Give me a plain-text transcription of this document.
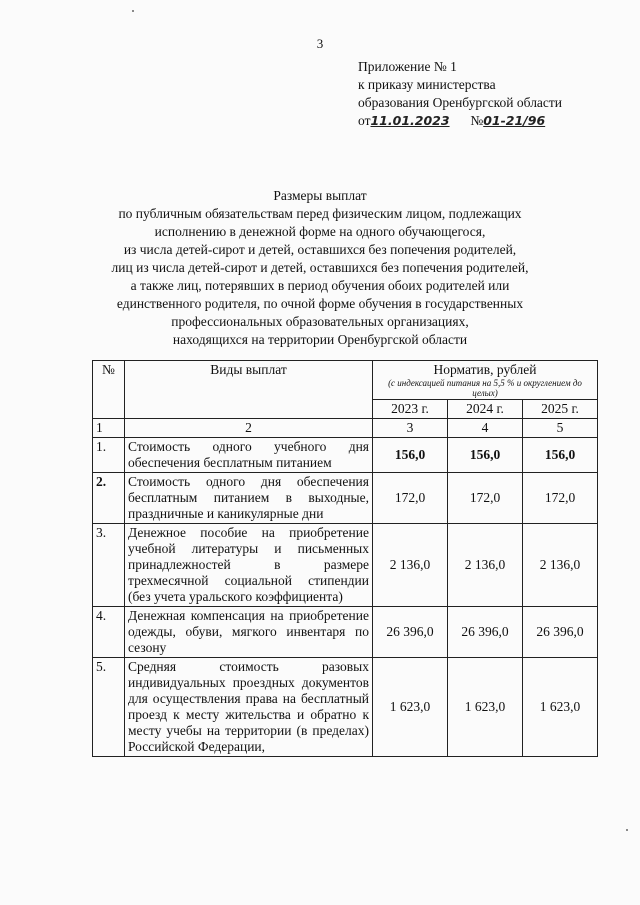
3
Приложение № 1
к приказу министерства
образования Оренбургской области
от11.01.2023 №01-21/96
Размеры выплат
по публичным обязательствам перед физическим лицом, подлежащих
исполнению в денежной форме на одного обучающегося,
из числа детей-сирот и детей, оставшихся без попечения родителей,
лиц из числа детей-сирот и детей, оставшихся без попечения родителей,
а также лиц, потерявших в период обучения обоих родителей или
единственного родителя, по очной форме обучения в государственных
профессиональных образовательных организациях,
находящихся на территории Оренбургской области
№	Виды выплат	Норматив, рублей
(с индексацией питания на 5,5 % и округлением до целых)		

		2023 г.	2024 г.	2025 г.
1	2	3	4	5
1.	Стоимость одного учебного дня обеспечения бесплатным питанием	156,0	156,0	156,0
2.	Стоимость одного дня обеспечения бесплатным питанием в выходные, праздничные и каникулярные дни	172,0	172,0	172,0
3.	Денежное пособие на приобретение учебной литературы и письменных принадлежностей в размере трехмесячной социальной стипендии (без учета уральского коэффициента)	2 136,0	2 136,0	2 136,0
4.	Денежная компенсация на приобретение одежды, обуви, мягкого инвентаря по сезону	26 396,0	26 396,0	26 396,0
5.	Средняя стоимость разовых индивидуальных проездных документов для осуществления права на бесплатный проезд к месту жительства и обратно к месту учебы на территории (в пределах) Российской Федерации,	1 623,0	1 623,0	1 623,0
